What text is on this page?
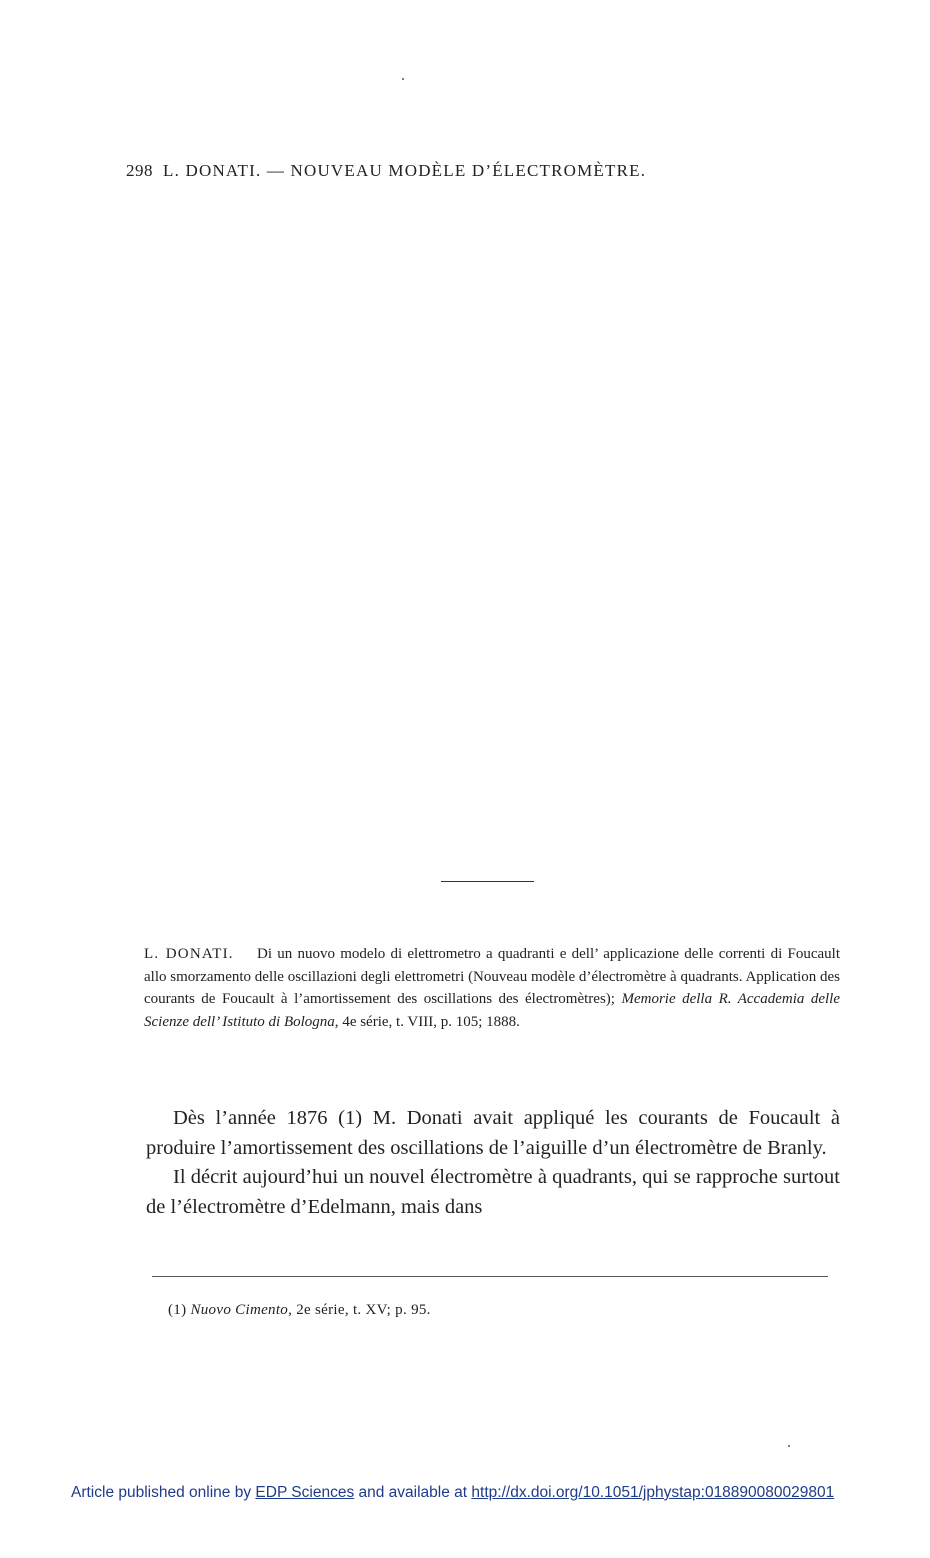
298 L. DONATI. — NOUVEAU MODÈLE D’ÉLECTROMÈTRE.
L. DONATI. Di un nuovo modelo di elettrometro a quadranti e dell’ applicazione delle correnti di Foucault allo smorzamento delle oscillazioni degli elettrometri (Nouveau modèle d’électromètre à quadrants. Application des courants de Foucault à l’amortissement des oscillations des électromètres); Memorie della R. Accademia delle Scienze dell’ Istituto di Bologna, 4e série, t. VIII, p. 105; 1888.

Dès l’année 1876 (1) M. Donati avait appliqué les courants de Foucault à produire l’amortissement des oscillations de l’aiguille d’un électromètre de Branly.

Il décrit aujourd’hui un nouvel électromètre à quadrants, qui se rapproche surtout de l’électromètre d’Edelmann, mais dans

(1) Nuovo Cimento, 2e série, t. XV; p. 95.
Article published online by EDP Sciences and available at http://dx.doi.org/10.1051/jphystap:018890080029801
